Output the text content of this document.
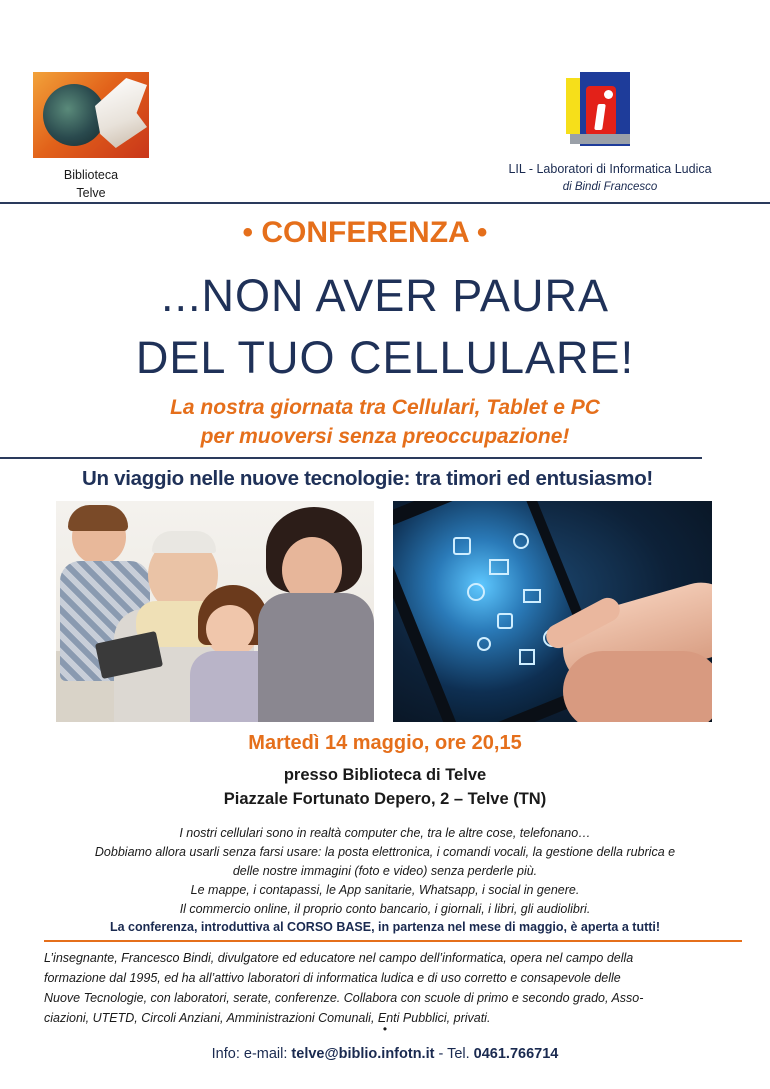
Biblioteca
Telve
LIL - Laboratori di Informatica Ludica
di Bindi Francesco
• CONFERENZA •
...NON AVER PAURA
DEL TUO CELLULARE!
La nostra giornata tra Cellulari, Tablet e PC
per muoversi senza preoccupazione!
Un viaggio nelle nuove tecnologie: tra timori ed entusiasmo!
Martedì 14 maggio, ore 20,15
presso Biblioteca di Telve
Piazzale Fortunato Depero, 2 – Telve (TN)
I nostri cellulari sono in realtà computer che, tra le altre cose, telefonano…
Dobbiamo allora usarli senza farsi usare: la posta elettronica, i comandi vocali, la gestione della rubrica e
delle nostre immagini (foto e video) senza perderle più.
Le mappe, i contapassi, le App sanitarie, Whatsapp, i social in genere.
Il commercio online, il proprio conto bancario, i giornali, i libri, gli audiolibri.
La conferenza, introduttiva al CORSO BASE, in partenza nel mese di maggio, è aperta a tutti!
L’insegnante, Francesco Bindi, divulgatore ed educatore nel campo dell’informatica, opera nel campo della
formazione dal 1995, ed ha all’attivo laboratori di informatica ludica e di uso corretto e consapevole delle
Nuove Tecnologie, con laboratori, serate, conferenze. Collabora con scuole di primo e secondo grado, Asso-
ciazioni, UTETD, Circoli Anziani, Amministrazioni Comunali, Enti Pubblici, privati.
•
Info: e-mail: telve@biblio.infotn.it - Tel. 0461.766714
